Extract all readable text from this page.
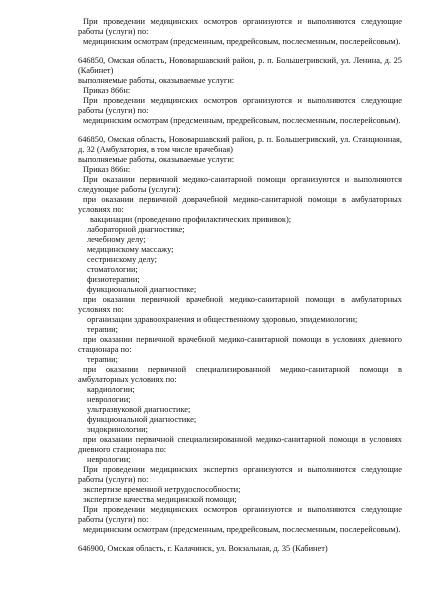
При проведении медицинских осмотров организуются и выполняются следующие работы (услуги) по:
медицинским осмотрам (предсменным, предрейсовым, послесменным, послерейсовым).
646850, Омская область, Нововаршавский район, р. п. Большегривский, ул. Ленина, д. 25 (Кабинет)
выполняемые работы, оказываемые услуги:
Приказ 866н:
При проведении медицинских осмотров организуются и выполняются следующие работы (услуги) по:
медицинским осмотрам (предсменным, предрейсовым, послесменным, послерейсовым).
646850, Омская область, Нововаршавский район, р. п. Большегривский, ул. Станционная, д. 32 (Амбулатория, в том числе врачебная)
выполняемые работы, оказываемые услуги:
Приказ 866н:
При оказании первичной медико-санитарной помощи организуются и выполняются следующие работы (услуги):
при оказании первичной доврачебной медико-санитарной помощи в амбулаторных условиях по:
вакцинации (проведению профилактических прививок);
лабораторной диагностике;
лечебному делу;
медицинскому массажу;
сестринскому делу;
стоматологии;
физиотерапии;
функциональной диагностике;
при оказании первичной врачебной медико-санитарной помощи в амбулаторных условиях по:
организации здравоохранения и общественному здоровью, эпидемиологии;
терапии;
при оказании первичной врачебной медико-санитарной помощи в условиях дневного стационара по:
терапии;
при оказании первичной специализированной медико-санитарной помощи в амбулаторных условиях по:
кардиологии;
неврологии;
ультразвуковой диагностике;
функциональной диагностике;
эндокринологии;
при оказании первичной специализированной медико-санитарной помощи в условиях дневного стационара по:
неврологии;
При проведении медицинских экспертиз организуются и выполняются следующие работы (услуги) по:
экспертизе временной нетрудоспособности;
экспертизе качества медицинской помощи;
При проведении медицинских осмотров организуются и выполняются следующие работы (услуги) по:
медицинским осмотрам (предсменным, предрейсовым, послесменным, послерейсовым).
646900, Омская область, г. Калачинск, ул. Вокзальная, д. 35 (Кабинет)
